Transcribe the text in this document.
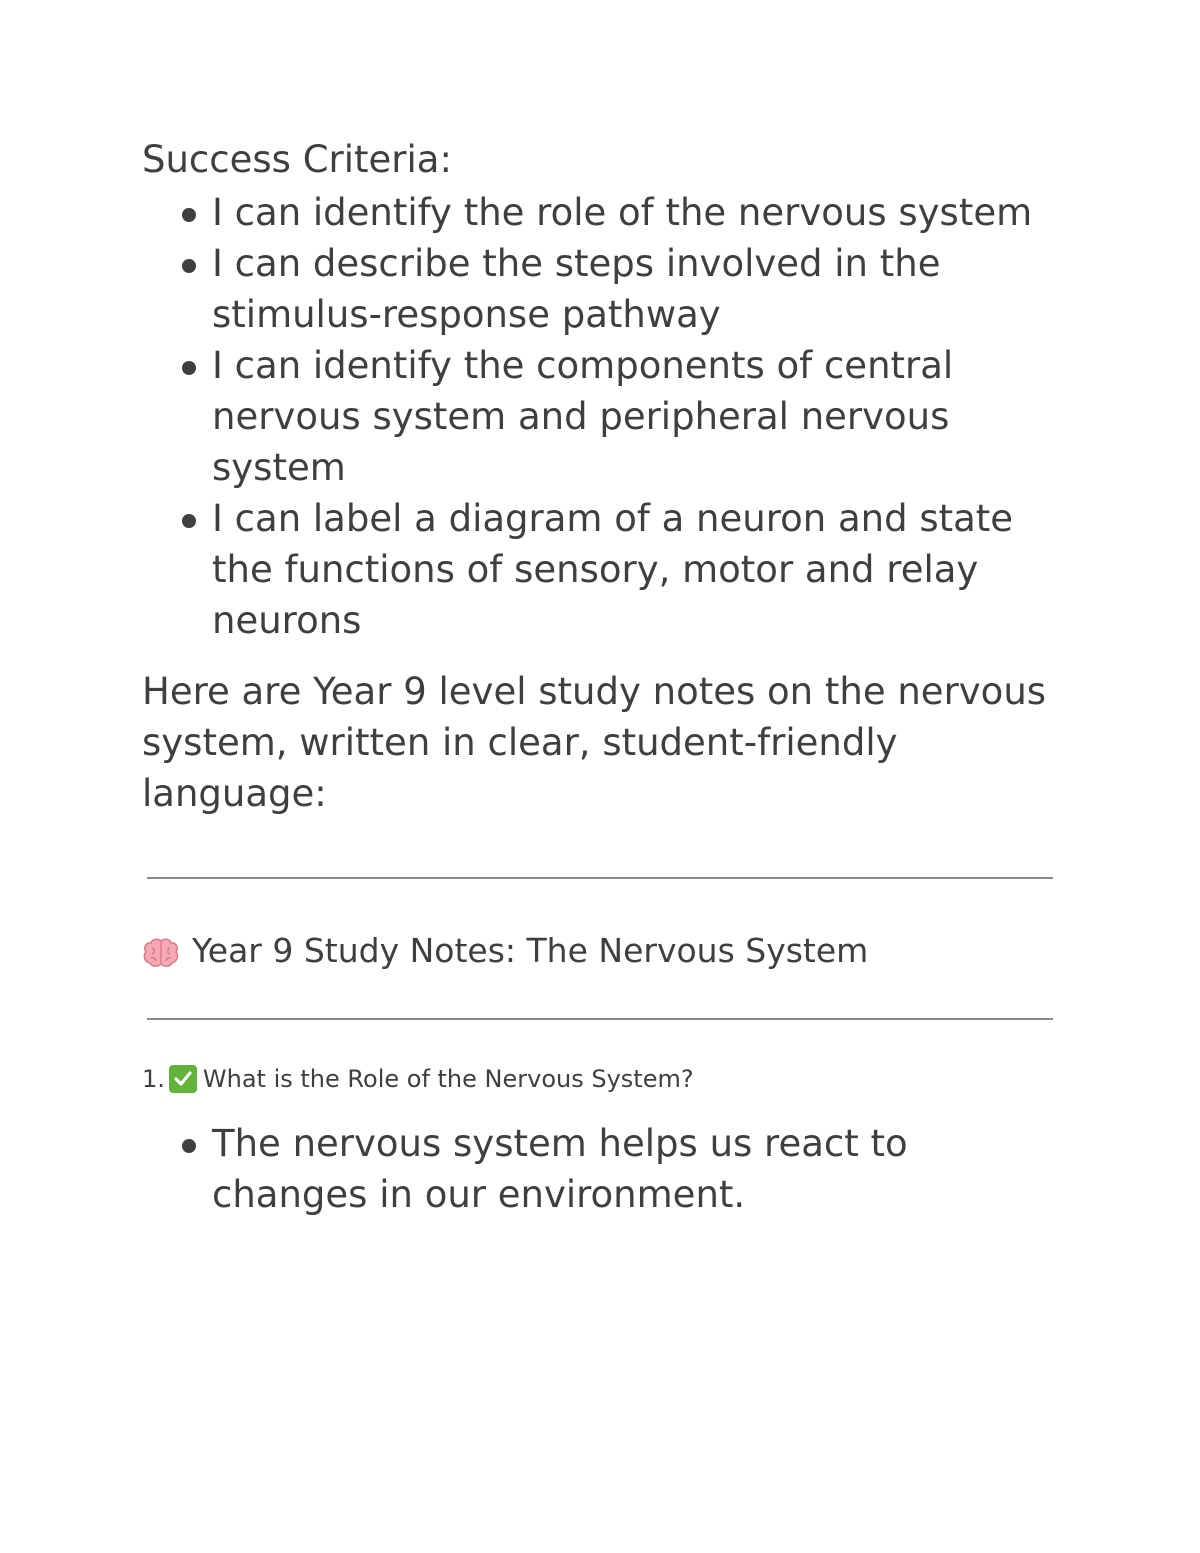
Success Criteria:

I can identify the role of the nervous system
I can describe the steps involved in the stimulus-response pathway
I can identify the components of central nervous system and peripheral nervous system
I can label a diagram of a neuron and state the functions of sensory, motor and relay neurons

Here are Year 9 level study notes on the nervous system, written in clear, student-friendly language:

Year 9 Study Notes: The Nervous System
1. What is the Role of the Nervous System?
The nervous system helps us react to changes in our environment.
